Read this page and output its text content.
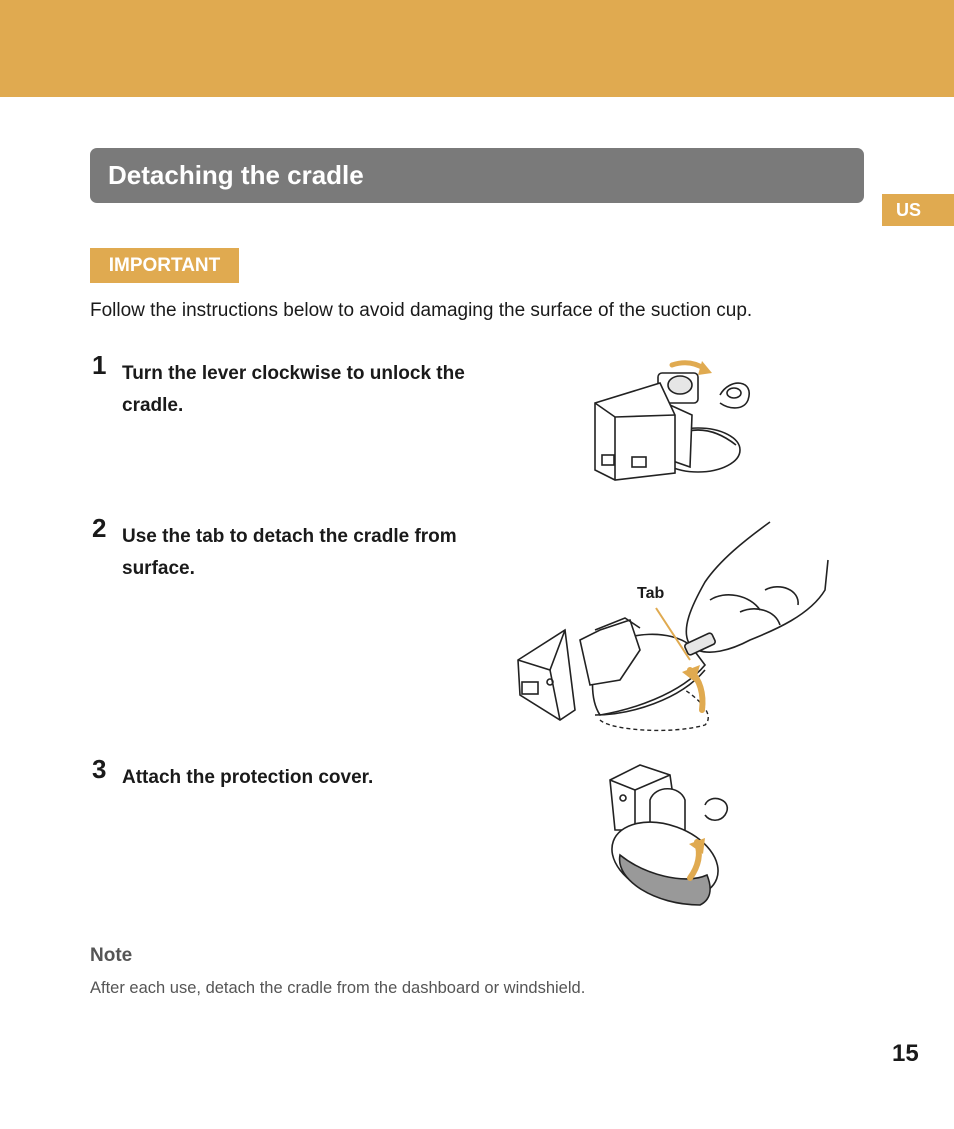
Detaching the cradle
US
IMPORTANT

Follow the instructions below to avoid damaging the surface of the suction cup.

1 Turn the lever clockwise to unlock the cradle.

2 Use the tab to detach the cradle from surface.

Tab
3 Attach the protection cover.

Note
After each use, detach the cradle from the dashboard or windshield.
15
